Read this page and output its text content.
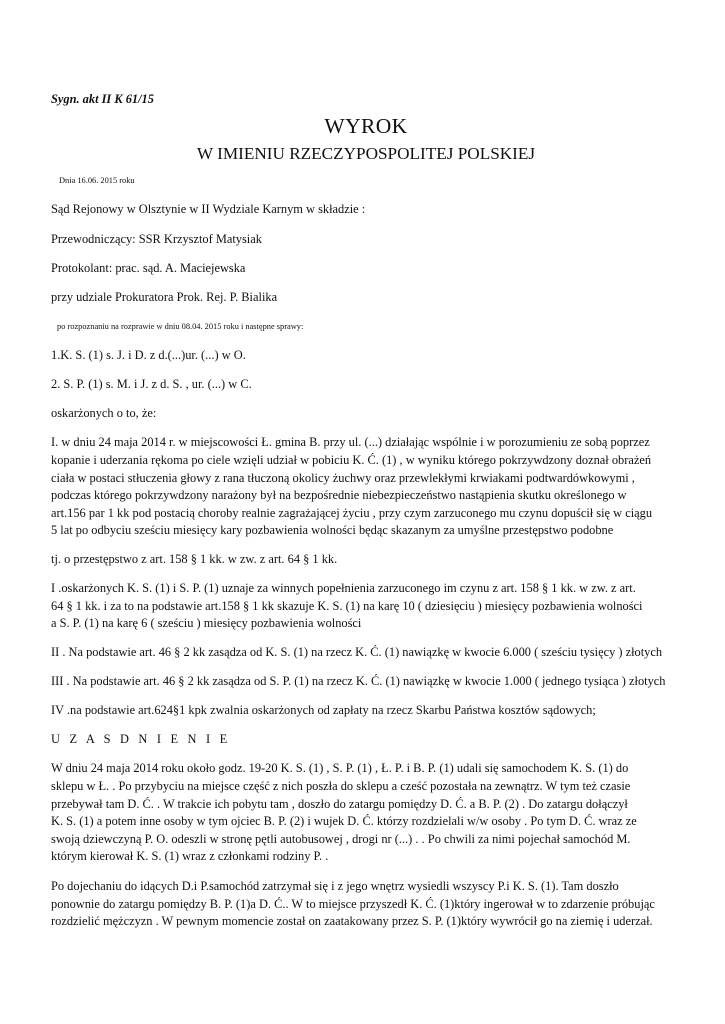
Sygn. akt II K 61/15

WYROK
W IMIENIU RZECZYPOSPOLITEJ POLSKIEJ

Dnia 16.06. 2015 roku

Sąd Rejonowy w Olsztynie w II Wydziale Karnym w składzie :

Przewodniczący: SSR Krzysztof Matysiak

Protokolant: prac. sąd. A. Maciejewska

przy udziale Prokuratora Prok. Rej. P. Bialika

po rozpoznaniu na rozprawie w dniu 08.04. 2015 roku i następne sprawy:

1.K. S. (1) s. J. i D. z d.(...)ur. (...) w O.

2. S. P. (1) s. M. i J. z d. S. , ur. (...) w C.

oskarżonych o to, że:

I. w dniu 24 maja 2014 r. w miejscowości Ł. gmina B. przy ul. (...) działając wspólnie i w porozumieniu ze sobą poprzez

kopanie i uderzania rękoma po ciele wzięli udział w pobiciu K. Ć. (1) , w wyniku którego pokrzywdzony doznał obrażeń

ciała w postaci stłuczenia głowy z rana tłuczoną okolicy żuchwy oraz przewlekłymi krwiakami podtwardówkowymi ,

podczas którego pokrzywdzony narażony był na bezpośrednie niebezpieczeństwo nastąpienia skutku określonego w

art.156 par 1 kk pod postacią choroby realnie zagrażającej życiu , przy czym zarzuconego mu czynu dopuścił się w ciągu

5 lat po odbyciu sześciu miesięcy kary pozbawienia wolności będąc skazanym za umyślne przestępstwo podobne

tj. o przestępstwo z art. 158 § 1 kk. w zw. z art. 64 § 1 kk.

I .oskarżonych K. S. (1) i S. P. (1) uznaje za winnych popełnienia zarzuconego im czynu z art. 158 § 1 kk. w zw. z art.

64 § 1 kk. i za to na podstawie art.158 § 1 kk skazuje K. S. (1) na karę 10 ( dziesięciu ) miesięcy pozbawienia wolności

a S. P. (1) na karę 6 ( sześciu ) miesięcy pozbawienia wolności

II . Na podstawie art. 46 § 2 kk zasądza od K. S. (1) na rzecz K. Ć. (1) nawiązkę w kwocie 6.000 ( sześciu tysięcy ) złotych

III . Na podstawie art. 46 § 2 kk zasądza od S. P. (1) na rzecz K. Ć. (1) nawiązkę w kwocie 1.000 ( jednego tysiąca ) złotych

IV .na podstawie art.624§1 kpk zwalnia oskarżonych od zapłaty na rzecz Skarbu Państwa kosztów sądowych;

U Z A S D N I E N I E

W dniu 24 maja 2014 roku około godz. 19-20 K. S. (1) , S. P. (1) , Ł. P. i B. P. (1) udali się samochodem K. S. (1) do

sklepu w Ł. . Po przybyciu na miejsce część z nich poszła do sklepu a cześć pozostała na zewnątrz. W tym też czasie

przebywał tam D. Ć. . W trakcie ich pobytu tam , doszło do zatargu pomiędzy D. Ć. a B. P. (2) . Do zatargu dołączył

K. S. (1) a potem inne osoby w tym ojciec B. P. (2) i wujek D. Ć. którzy rozdzielali w/w osoby . Po tym D. Ć. wraz ze

swoją dziewczyną P. O. odeszli w stronę pętli autobusowej , drogi nr (...) . . Po chwili za nimi pojechał samochód M.

którym kierował K. S. (1) wraz z członkami rodziny P. .

Po dojechaniu do idących D.i P.samochód zatrzymał się i z jego wnętrz wysiedli wszyscy P.i K. S. (1). Tam doszło

ponownie do zatargu pomiędzy B. P. (1)a D. Ć.. W to miejsce przyszedł K. Ć. (1)który ingerował w to zdarzenie próbując

rozdzielić mężczyzn . W pewnym momencie został on zaatakowany przez S. P. (1)który wywrócił go na ziemię i uderzał.
